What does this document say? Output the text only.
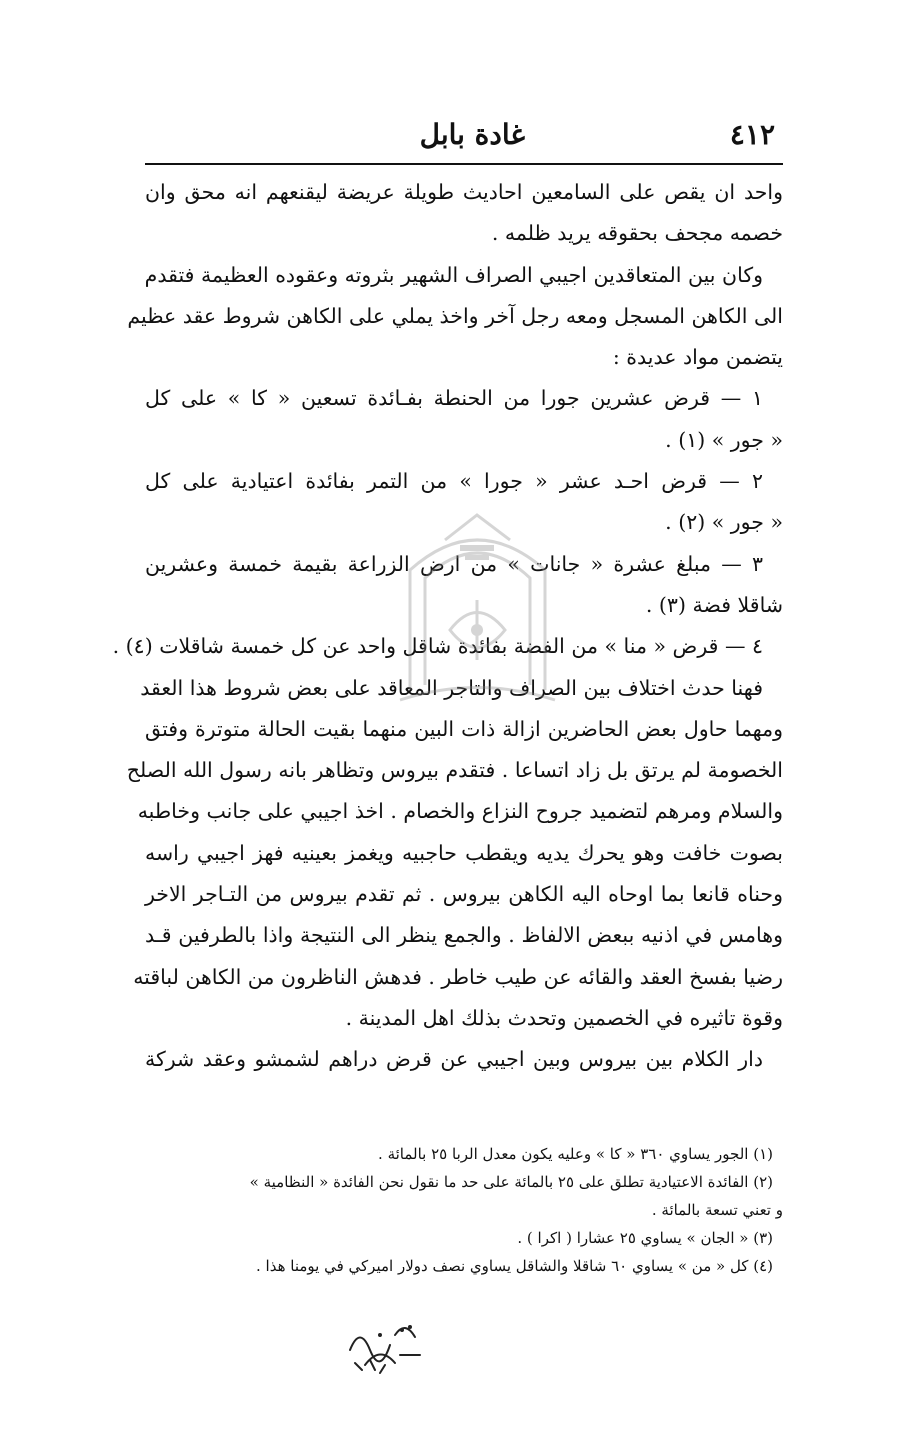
غادة بابل	٤١٢
واحد ان يقص على السامعين احاديث طويلة عريضة ليقنعهم انه محق وان
خصمه مجحف بحقوقه يريد ظلمه .
وكان بين المتعاقدين اجيبي الصراف الشهير بثروته وعقوده العظيمة فتقدم
الى الكاهن المسجل ومعه رجل آخر واخذ يملي على الكاهن شروط عقد عظيم
يتضمن مواد عديدة :
١ — قرض عشرين جورا من الحنطة بفـائدة تسعين « كا » على كل
« جور » (١) .
٢ — قرض احـد عشر « جورا » من التمر بفائدة اعتيادية على كل
« جور » (٢) .
٣ — مبلغ عشرة « جانات » من ارض الزراعة بقيمة خمسة وعشرين
شاقلا فضة (٣) .
٤ — قرض « منا » من الفضة بفائدة شاقل واحد عن كل خمسة شاقلات (٤) .
فهنا حدث اختلاف بين الصراف والتاجر المعاقد على بعض شروط هذا العقد
ومهما حاول بعض الحاضرين ازالة ذات البين منهما بقيت الحالة متوترة وفتق
الخصومة لم يرتق بل زاد اتساعا . فتقدم بيروس وتظاهر بانه رسول الله الصلح
والسلام ومرهم لتضميد جروح النزاع والخصام . اخذ اجيبي على جانب وخاطبه
بصوت خافت وهو يحرك يديه ويقطب حاجبيه ويغمز بعينيه فهز اجيبي راسه
وحناه قانعا بما اوحاه اليه الكاهن بيروس . ثم تقدم بيروس من التـاجر الاخر
وهامس في اذنيه ببعض الالفاظ . والجمع ينظر الى النتيجة واذا بالطرفين قـد
رضيا بفسخ العقد والقائه عن طيب خاطر . فدهش الناظرون من الكاهن لباقته
وقوة تاثيره في الخصمين وتحدث بذلك اهل المدينة .
دار الكلام بين بيروس وبين اجيبي عن قرض دراهم لشمشو وعقد شركة
(١) الجور يساوي ٣٦٠ « كا » وعليه يكون معدل الربا ٢٥ بالمائة .
(٢) الفائدة الاعتيادية تطلق على ٢٥ بالمائة على حد ما نقول نحن الفائدة « النظامية »
و تعني تسعة بالمائة .
(٣) « الجان » يساوي ٢٥ عشارا ( اكرا ) .
(٤) كل « من » يساوي ٦٠ شاقلا والشاقل يساوي نصف دولار اميركي في يومنا هذا .
